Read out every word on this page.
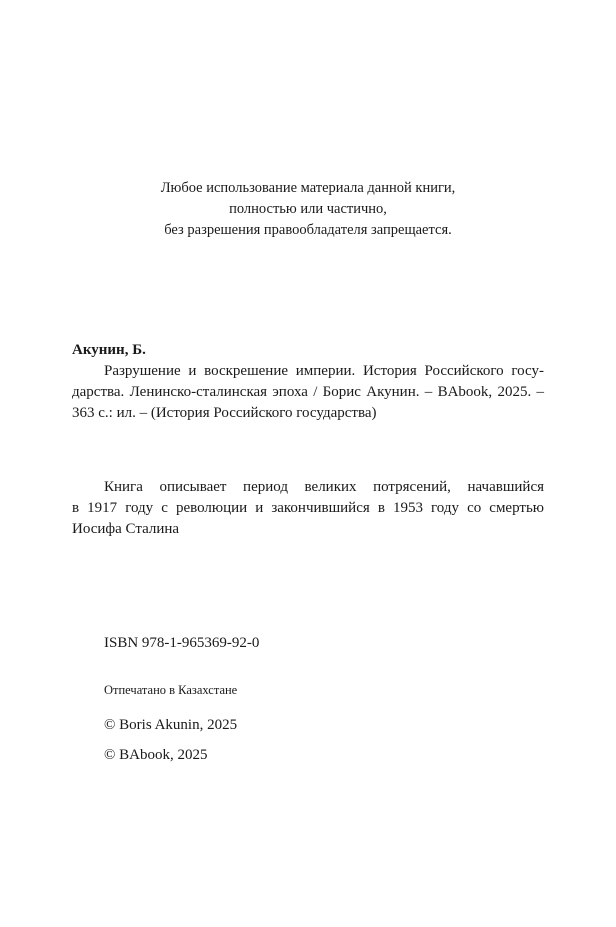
Любое использование материала данной книги,
полностью или частично,
без разрешения правообладателя запрещается.
Акунин, Б.
Разрушение и воскрешение империи. История Российского госу-
дарства. Ленинско-сталинская эпоха / Борис Акунин. – BAbook, 2025. –
363 с.: ил. – (История Российского государства)
Книга описывает период великих потрясений, начавшийся
в 1917 году с революции и закончившийся в 1953 году со смертью
Иосифа Сталина
ISBN 978-1-965369-92-0
Отпечатано в Казахстане
© Boris Akunin, 2025
© BAbook, 2025
